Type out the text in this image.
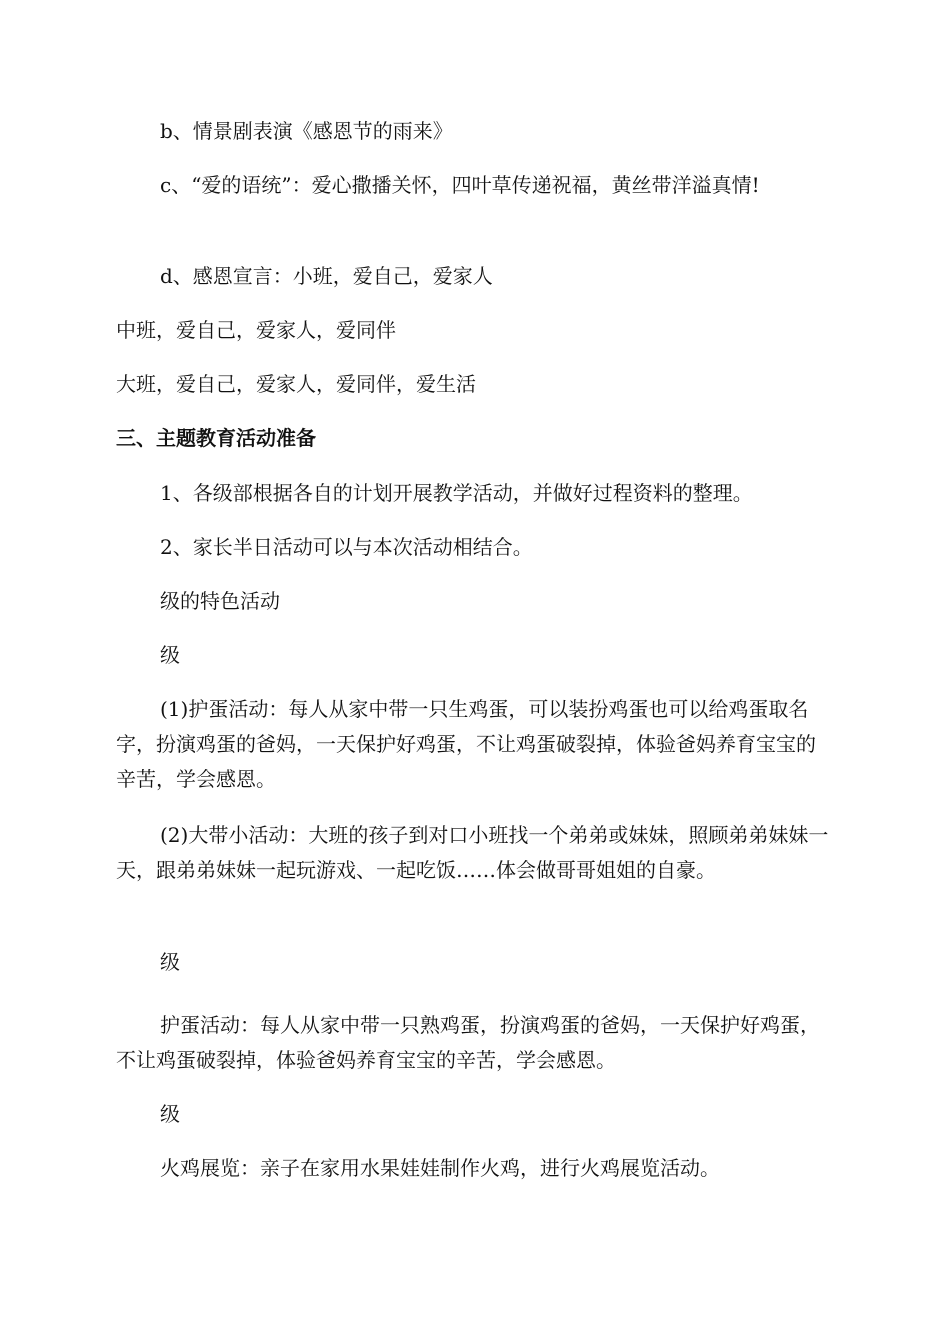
b、情景剧表演《感恩节的雨来》

c、“爱的语统”：爱心撒播关怀，四叶草传递祝福，黄丝带洋溢真情!

d、感恩宣言：小班，爱自己，爱家人

中班，爱自己，爱家人，爱同伴

大班，爱自己，爱家人，爱同伴，爱生活

三、主题教育活动准备

1、各级部根据各自的计划开展教学活动，并做好过程资料的整理。

2、家长半日活动可以与本次活动相结合。

级的特色活动

级

(1)护蛋活动：每人从家中带一只生鸡蛋，可以装扮鸡蛋也可以给鸡蛋取名字，扮演鸡蛋的爸妈，一天保护好鸡蛋，不让鸡蛋破裂掉，体验爸妈养育宝宝的辛苦，学会感恩。

(2)大带小活动：大班的孩子到对口小班找一个弟弟或妹妹，照顾弟弟妹妹一天，跟弟弟妹妹一起玩游戏、一起吃饭……体会做哥哥姐姐的自豪。

级

护蛋活动：每人从家中带一只熟鸡蛋，扮演鸡蛋的爸妈，一天保护好鸡蛋，不让鸡蛋破裂掉，体验爸妈养育宝宝的辛苦，学会感恩。

级

火鸡展览：亲子在家用水果娃娃制作火鸡，进行火鸡展览活动。
